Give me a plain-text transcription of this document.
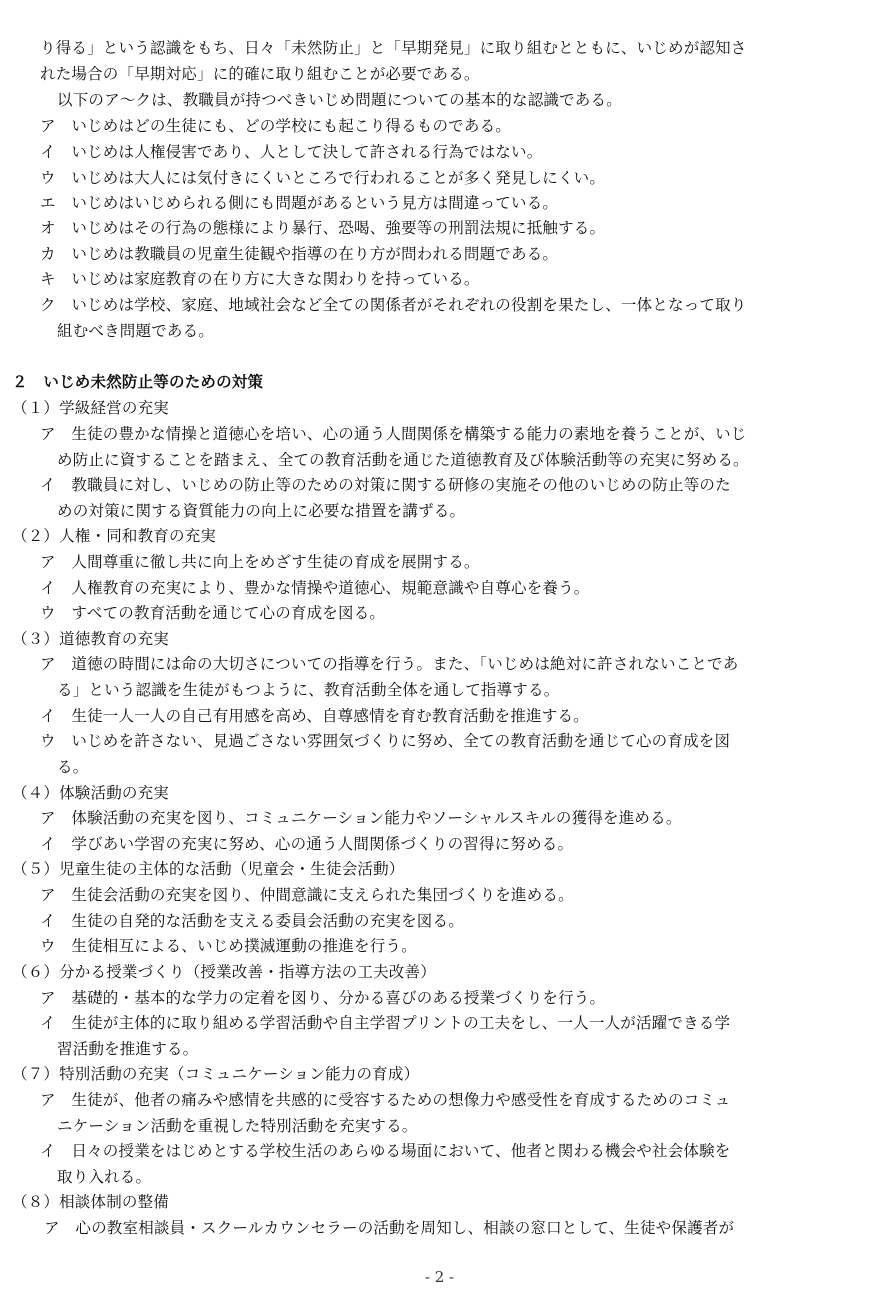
り得る」という認識をもち、日々「未然防止」と「早期発見」に取り組むとともに、いじめが認知さ
れた場合の「早期対応」に的確に取り組むことが必要である。
以下のア～クは、教職員が持つべきいじめ問題についての基本的な認識である。
ア　 いじめはどの生徒にも、どの学校にも起こり得るものである。
イ　 いじめは人権侵害であり、人として決して許される行為ではない。
ウ　 いじめは大人には気付きにくいところで行われることが多く発見しにくい。
エ　 いじめはいじめられる側にも問題があるという見方は間違っている。
オ　 いじめはその行為の態様により暴行、恐喝、強要等の刑罰法規に抵触する。
カ　 いじめは教職員の児童生徒観や指導の在り方が問われる問題である。
キ　 いじめは家庭教育の在り方に大きな関わりを持っている。
ク　 いじめは学校、家庭、地域社会など全ての関係者がそれぞれの役割を果たし、一体となって取り
組むべき問題である。
２　いじめ未然防止等のための対策
（１）学級経営の充実
ア　生徒の豊かな情操と道徳心を培い、心の通う人間関係を構築する能力の素地を養うことが、いじ
め防止に資することを踏まえ、全ての教育活動を通じた道徳教育及び体験活動等の充実に努める。
イ　教職員に対し、いじめの防止等のための対策に関する研修の実施その他のいじめの防止等のた
めの対策に関する資質能力の向上に必要な措置を講ずる。
（２）人権・同和教育の充実
ア　人間尊重に徹し共に向上をめざす生徒の育成を展開する。
イ　人権教育の充実により、豊かな情操や道徳心、規範意識や自尊心を養う。
ウ　すべての教育活動を通じて心の育成を図る。
（３）道徳教育の充実
ア　道徳の時間には命の大切さについての指導を行う。また、「いじめは絶対に許されないことであ
る」という認識を生徒がもつように、教育活動全体を通して指導する。
イ　生徒一人一人の自己有用感を高め、自尊感情を育む教育活動を推進する。
ウ　いじめを許さない、見過ごさない雰囲気づくりに努め、全ての教育活動を通じて心の育成を図
る。
（４）体験活動の充実
ア　体験活動の充実を図り、コミュニケーション能力やソーシャルスキルの獲得を進める。
イ　学びあい学習の充実に努め、心の通う人間関係づくりの習得に努める。
（５）児童生徒の主体的な活動（児童会・生徒会活動）
ア　生徒会活動の充実を図り、仲間意識に支えられた集団づくりを進める。
イ　生徒の自発的な活動を支える委員会活動の充実を図る。
ウ　生徒相互による、いじめ撲滅運動の推進を行う。
（６）分かる授業づくり（授業改善・指導方法の工夫改善）
ア　基礎的・基本的な学力の定着を図り、分かる喜びのある授業づくりを行う。
イ　生徒が主体的に取り組める学習活動や自主学習プリントの工夫をし、一人一人が活躍できる学
習活動を推進する。
（７）特別活動の充実（コミュニケーション能力の育成）
ア　生徒が、他者の痛みや感情を共感的に受容するための想像力や感受性を育成するためのコミュ
ニケーション活動を重視した特別活動を充実する。
イ　日々の授業をはじめとする学校生活のあらゆる場面において、他者と関わる機会や社会体験を
取り入れる。
（８）相談体制の整備
ア　心の教室相談員・スクールカウンセラーの活動を周知し、相談の窓口として、生徒や保護者が
- 2 -
